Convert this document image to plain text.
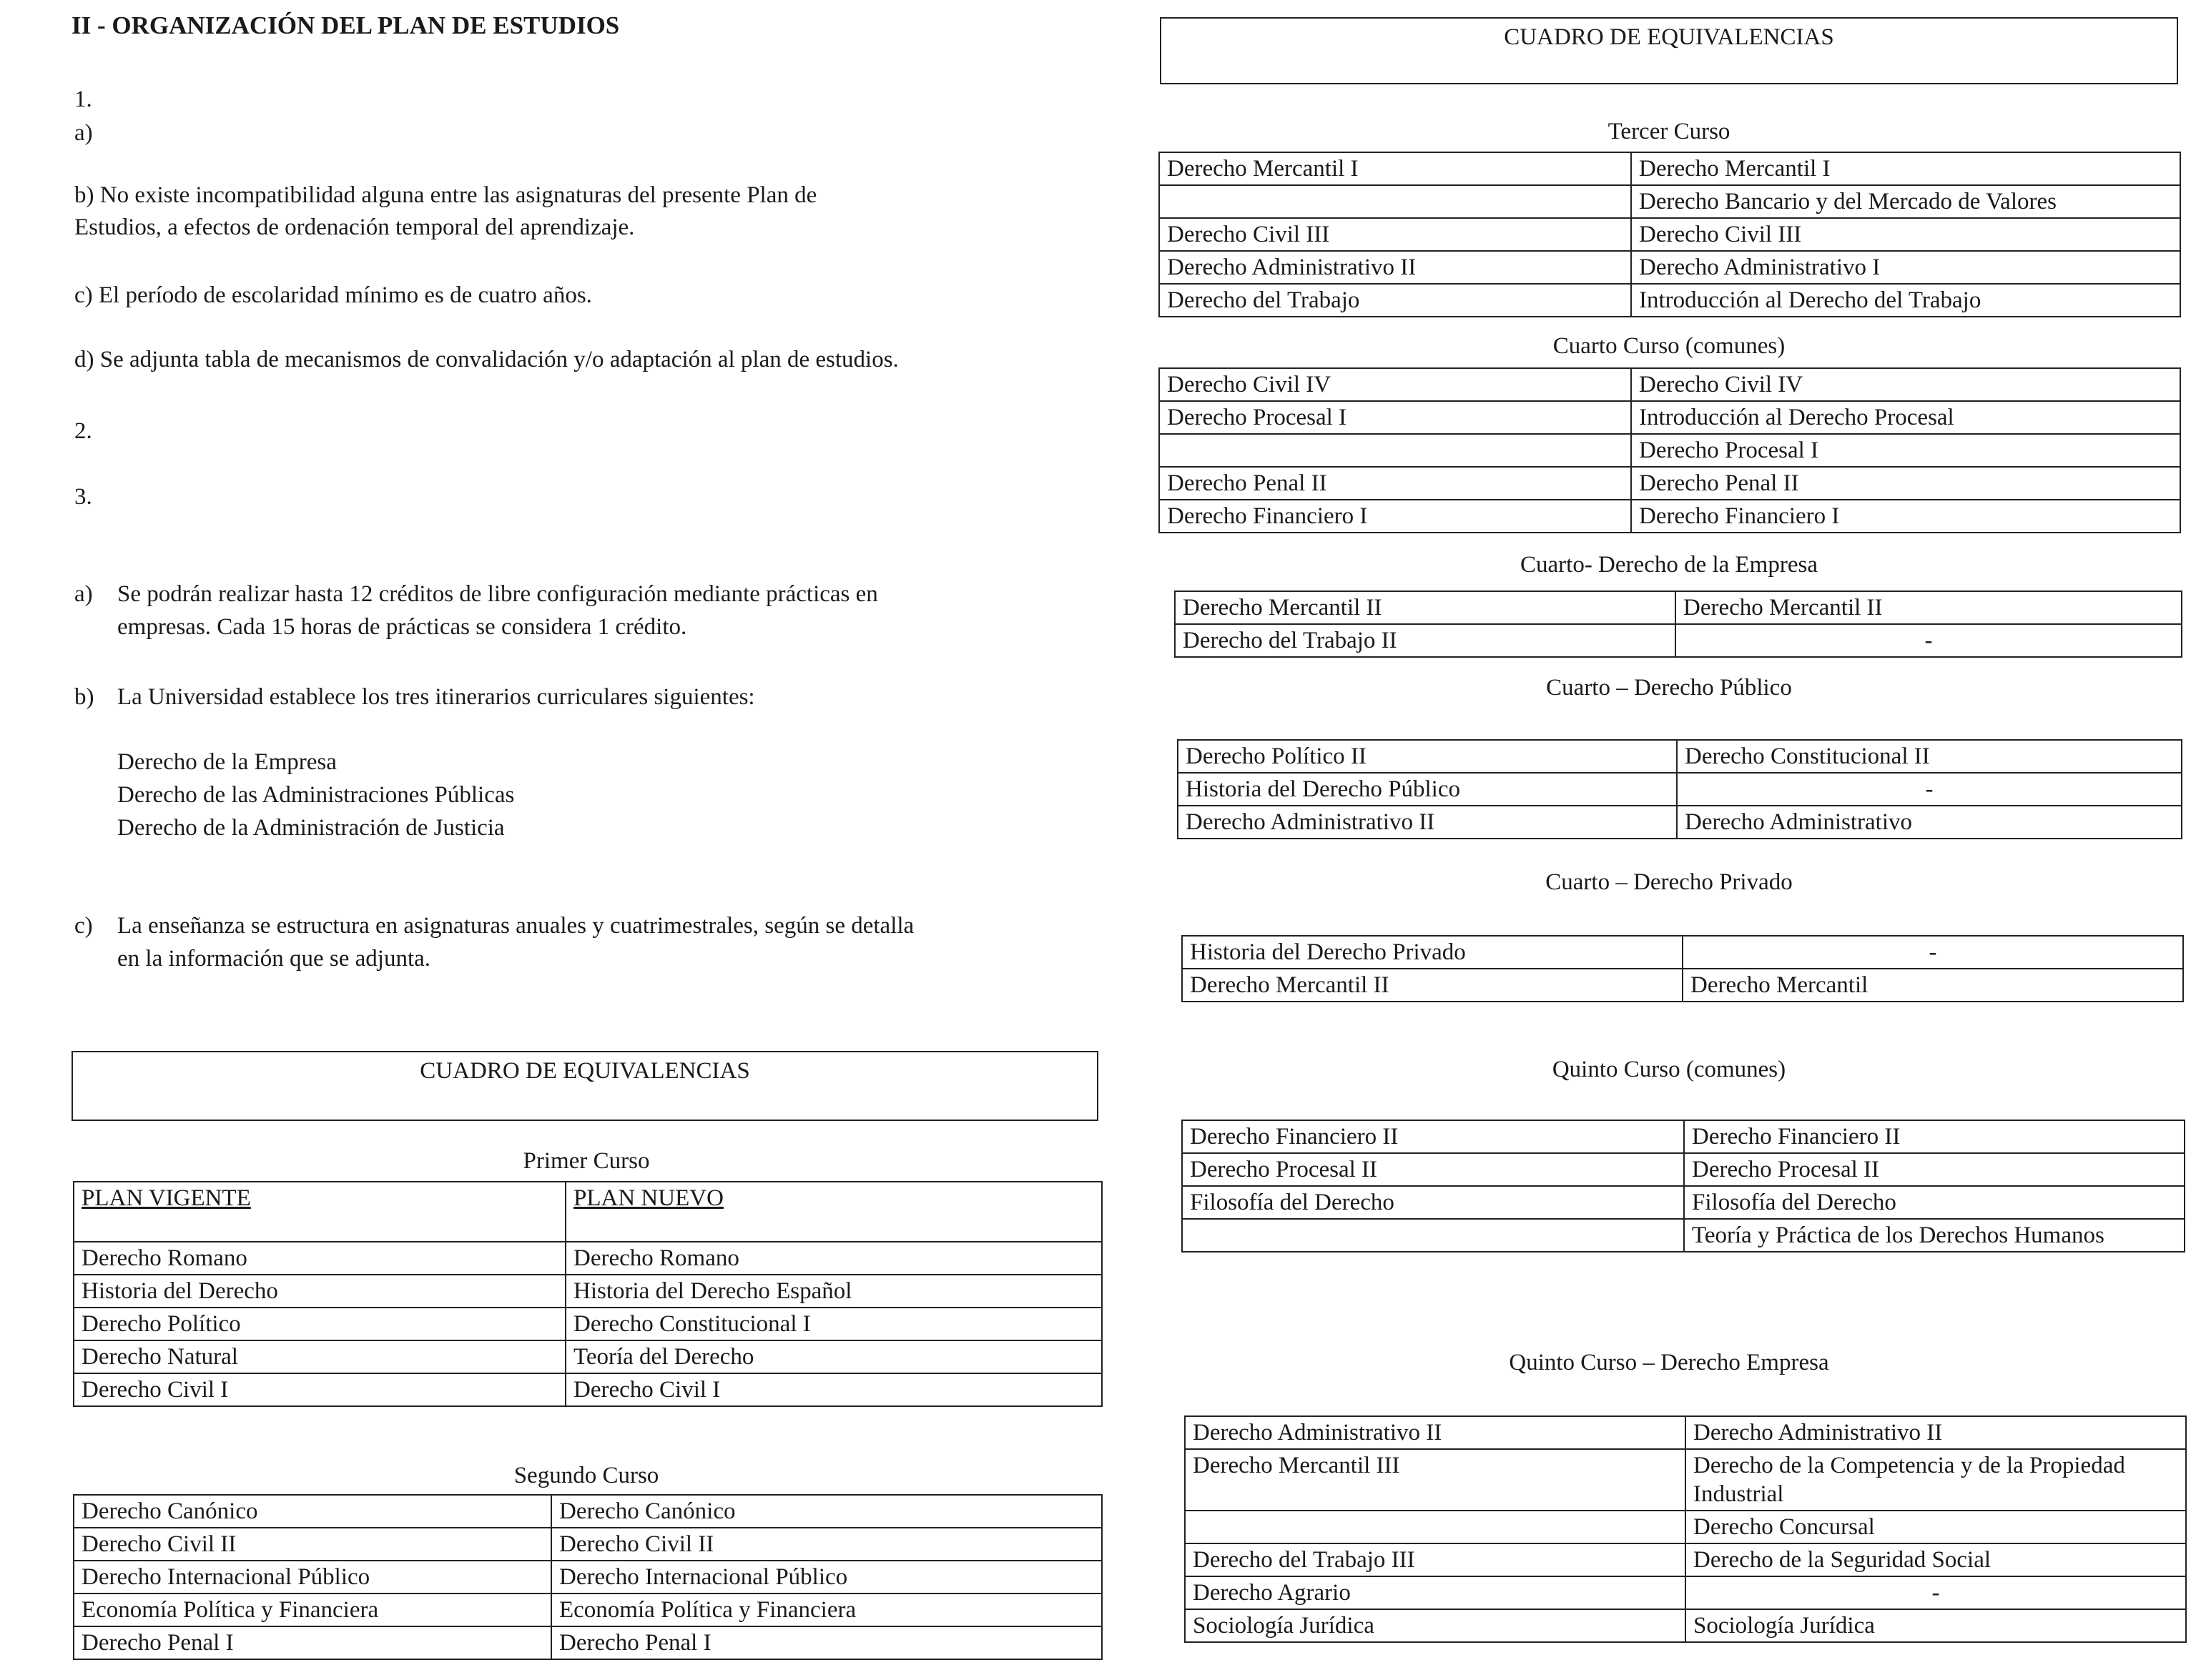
II - ORGANIZACIÓN DEL PLAN DE ESTUDIOS
1.
a)
b) No existe incompatibilidad alguna entre las asignaturas del presente Plan de
Estudios, a efectos de ordenación temporal del aprendizaje.
c) El período de escolaridad mínimo es de cuatro años.
d) Se adjunta tabla de mecanismos de convalidación y/o adaptación al plan de estudios.
2.
3.
a)	Se podrán realizar hasta 12 créditos de libre configuración mediante prácticas en
empresas. Cada 15 horas de prácticas se considera 1 crédito.
b) La Universidad establece los tres itinerarios curriculares siguientes:
Derecho de la Empresa
Derecho de las Administraciones Públicas
Derecho de la Administración de Justicia
c)	La enseñanza se estructura en asignaturas anuales y cuatrimestrales, según se detalla
en la información que se adjunta.
CUADRO DE EQUIVALENCIAS
Primer Curso
PLAN VIGENTE	PLAN NUEVO
Derecho Romano	Derecho Romano
Historia del Derecho	Historia del Derecho Español
Derecho Político	Derecho Constitucional I
Derecho Natural	Teoría del Derecho
Derecho Civil I	Derecho Civil I
Segundo Curso
Derecho Canónico	Derecho Canónico
Derecho Civil II	Derecho Civil II
Derecho Internacional Público	Derecho Internacional Público
Economía Política y Financiera	Economía Política y Financiera
Derecho Penal I	Derecho Penal I
CUADRO DE EQUIVALENCIAS
Tercer Curso
Derecho Mercantil I	Derecho Mercantil I
	Derecho Bancario y del Mercado de Valores
Derecho Civil III	Derecho Civil III
Derecho Administrativo II	Derecho Administrativo I
Derecho del Trabajo	Introducción al Derecho del Trabajo
Cuarto Curso (comunes)
Derecho Civil IV	Derecho Civil IV
Derecho Procesal I	Introducción al Derecho Procesal
	Derecho Procesal I
Derecho Penal II	Derecho Penal II
Derecho Financiero I	Derecho Financiero I
Cuarto- Derecho de la Empresa
Derecho Mercantil II	Derecho Mercantil II
Derecho del Trabajo II	-
Cuarto – Derecho Público
Derecho Político II	Derecho Constitucional II
Historia del Derecho Público	-
Derecho Administrativo II	Derecho Administrativo
Cuarto – Derecho Privado
Historia del Derecho Privado	-
Derecho Mercantil II	Derecho Mercantil
Quinto Curso (comunes)
Derecho Financiero II	Derecho Financiero II
Derecho Procesal II	Derecho Procesal II
Filosofía del Derecho	Filosofía del Derecho
	Teoría y Práctica de los Derechos Humanos
Quinto Curso – Derecho Empresa
Derecho Administrativo II	Derecho Administrativo II
Derecho Mercantil III	Derecho de la Competencia y de la Propiedad Industrial
	Derecho Concursal
Derecho del Trabajo III	Derecho de la Seguridad Social
Derecho Agrario	-
Sociología Jurídica	Sociología Jurídica
